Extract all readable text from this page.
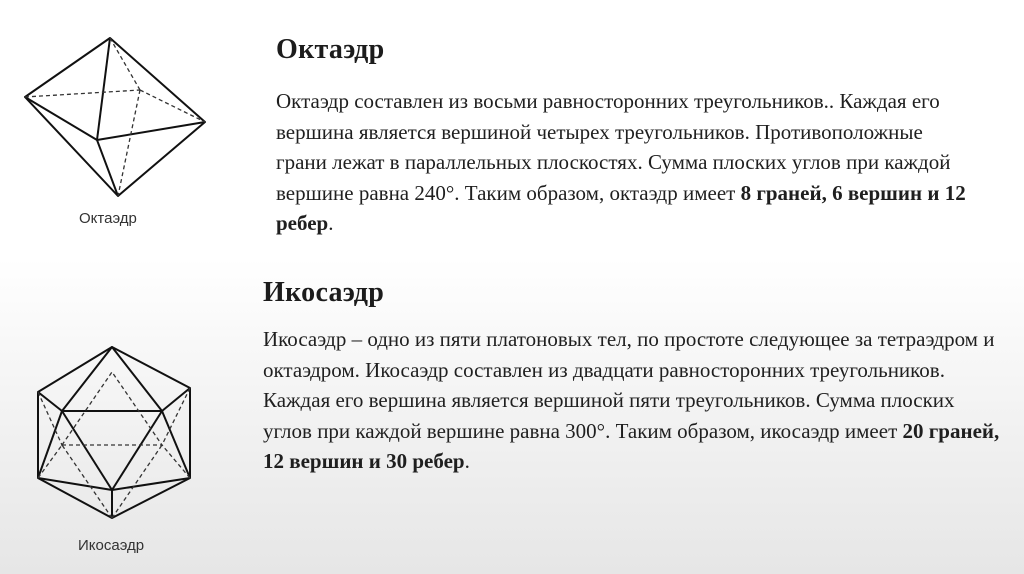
Октаэдр
Октаэдр
Октаэдр составлен из восьми равносторонних треугольников.. Каждая его вершина является вершиной четырех треугольников. Противоположные грани лежат в параллельных плоскостях. Сумма плоских углов при каждой вершине равна 240°. Таким образом, октаэдр имеет 8 граней, 6 вершин и 12 ребер.
Икосаэдр
Икосаэдр
Икосаэдр – одно из пяти платоновых тел, по простоте следующее за тетраэдром и октаэдром. Икосаэдр составлен из двадцати равносторонних треугольников. Каждая его вершина является вершиной пяти треугольников. Сумма плоских углов при каждой вершине равна 300°. Таким образом, икосаэдр имеет 20 граней, 12 вершин и 30 ребер.
